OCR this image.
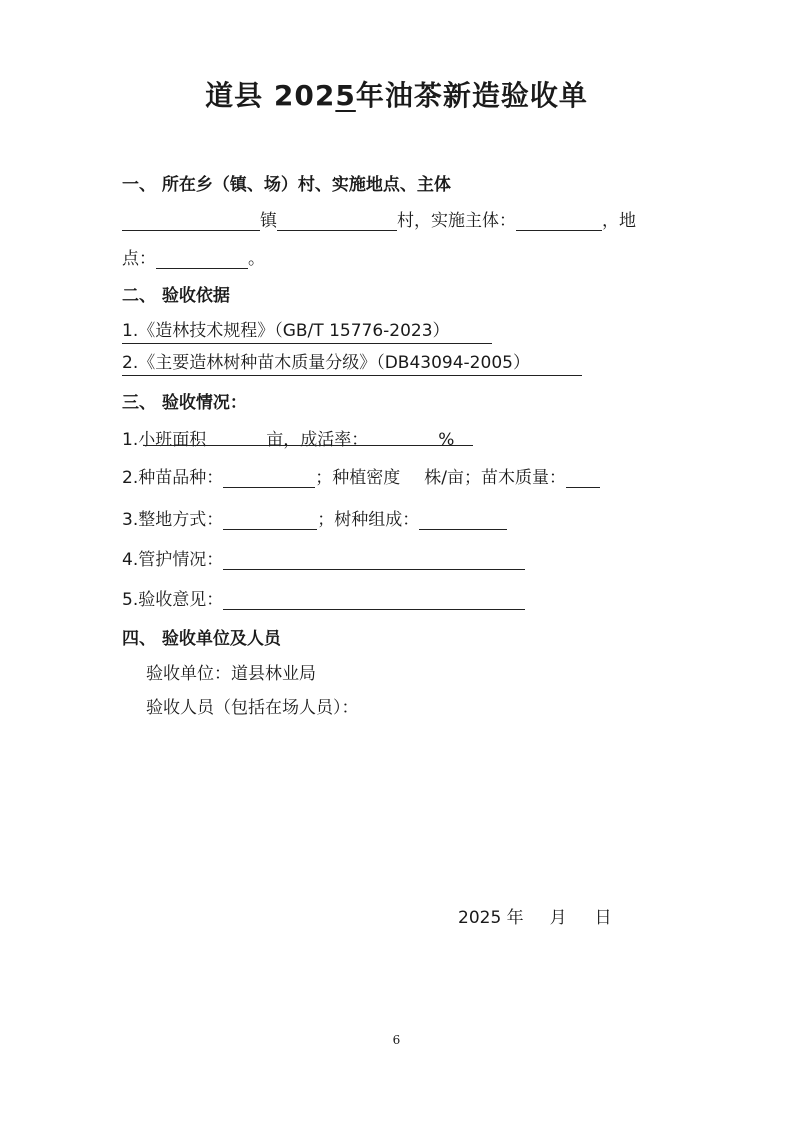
道县 2025年油茶新造验收单
一、 所在乡（镇、场）村、实施地点、主体
镇	村，实施主体：	，地
点：	。
二、 验收依据
1.《造林技术规程》（GB/T 15776-2023）
2.《主要造林树种苗木质量分级》（DB43094-2005）
三、 验收情况：
1.小班面积	亩，成活率：	%
2.种苗品种：	；种植密度 株/亩；苗木质量：
3.整地方式：	；树种组成：
4.管护情况：
5.验收意见：
四、 验收单位及人员
验收单位：道县林业局
验收人员（包括在场人员）：
2025 年 月 日
6
